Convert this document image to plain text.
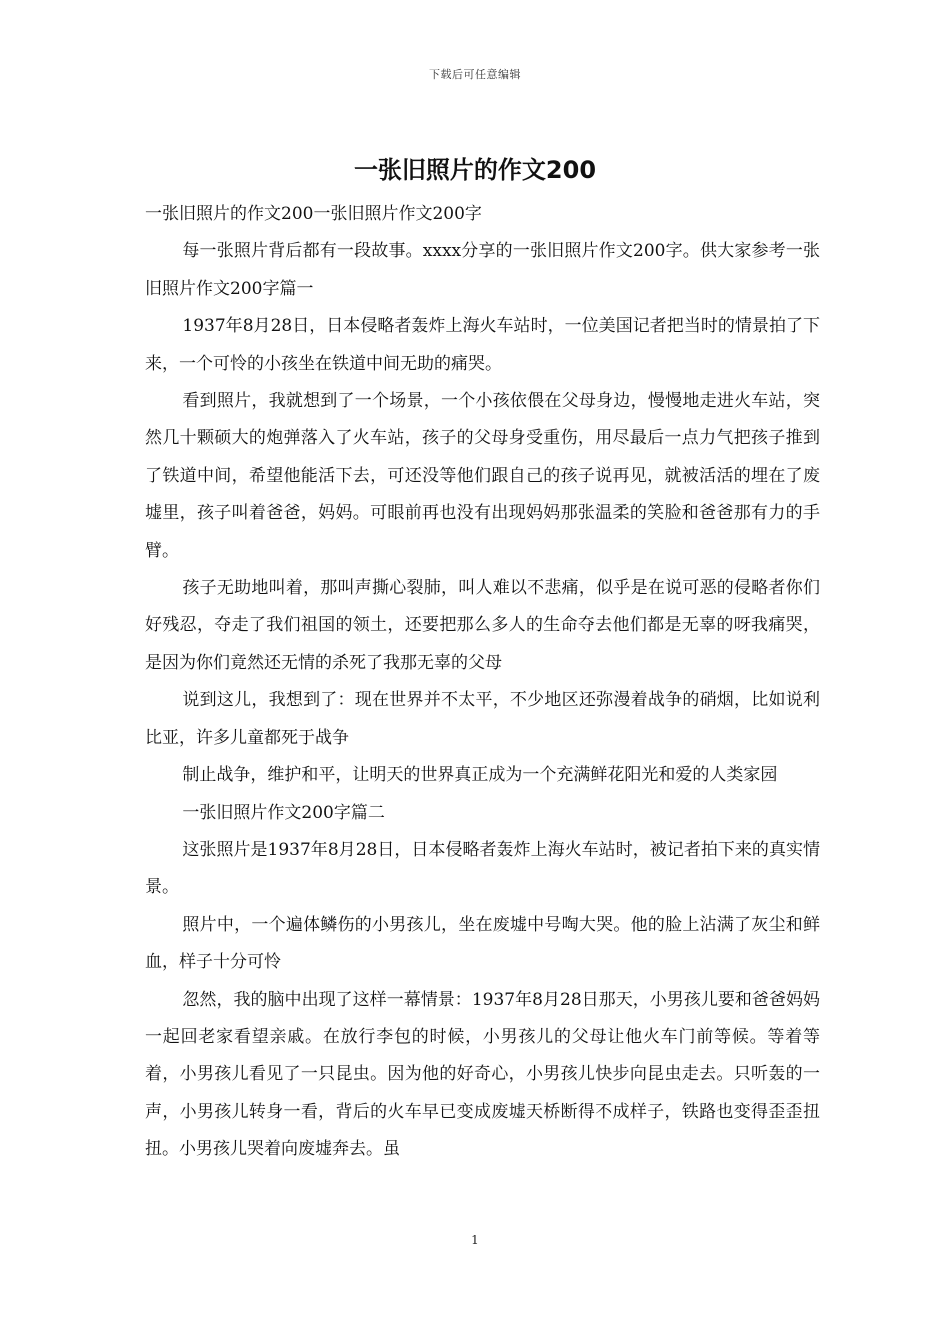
下载后可任意编辑
一张旧照片的作文200

一张旧照片的作文200一张旧照片作文200字

每一张照片背后都有一段故事。xxxx分享的一张旧照片作文200字。供大家参考一张旧照片作文200字篇一

1937年8月28日，日本侵略者轰炸上海火车站时，一位美国记者把当时的情景拍了下来，一个可怜的小孩坐在铁道中间无助的痛哭。

看到照片，我就想到了一个场景，一个小孩依偎在父母身边，慢慢地走进火车站，突然几十颗硕大的炮弹落入了火车站，孩子的父母身受重伤，用尽最后一点力气把孩子推到了铁道中间，希望他能活下去，可还没等他们跟自己的孩子说再见，就被活活的埋在了废墟里，孩子叫着爸爸，妈妈。可眼前再也没有出现妈妈那张温柔的笑脸和爸爸那有力的手臂。

孩子无助地叫着，那叫声撕心裂肺，叫人难以不悲痛，似乎是在说可恶的侵略者你们好残忍，夺走了我们祖国的领土，还要把那么多人的生命夺去他们都是无辜的呀我痛哭，是因为你们竟然还无情的杀死了我那无辜的父母

说到这儿，我想到了：现在世界并不太平，不少地区还弥漫着战争的硝烟，比如说利比亚，许多儿童都死于战争

制止战争，维护和平，让明天的世界真正成为一个充满鲜花阳光和爱的人类家园

一张旧照片作文200字篇二

这张照片是1937年8月28日，日本侵略者轰炸上海火车站时，被记者拍下来的真实情景。

照片中，一个遍体鳞伤的小男孩儿，坐在废墟中号啕大哭。他的脸上沾满了灰尘和鲜血，样子十分可怜

忽然，我的脑中出现了这样一幕情景：1937年8月28日那天，小男孩儿要和爸爸妈妈一起回老家看望亲戚。在放行李包的时候，小男孩儿的父母让他火车门前等候。等着等着，小男孩儿看见了一只昆虫。因为他的好奇心，小男孩儿快步向昆虫走去。只听轰的一声，小男孩儿转身一看，背后的火车早已变成废墟天桥断得不成样子，铁路也变得歪歪扭扭。小男孩儿哭着向废墟奔去。虽

1
